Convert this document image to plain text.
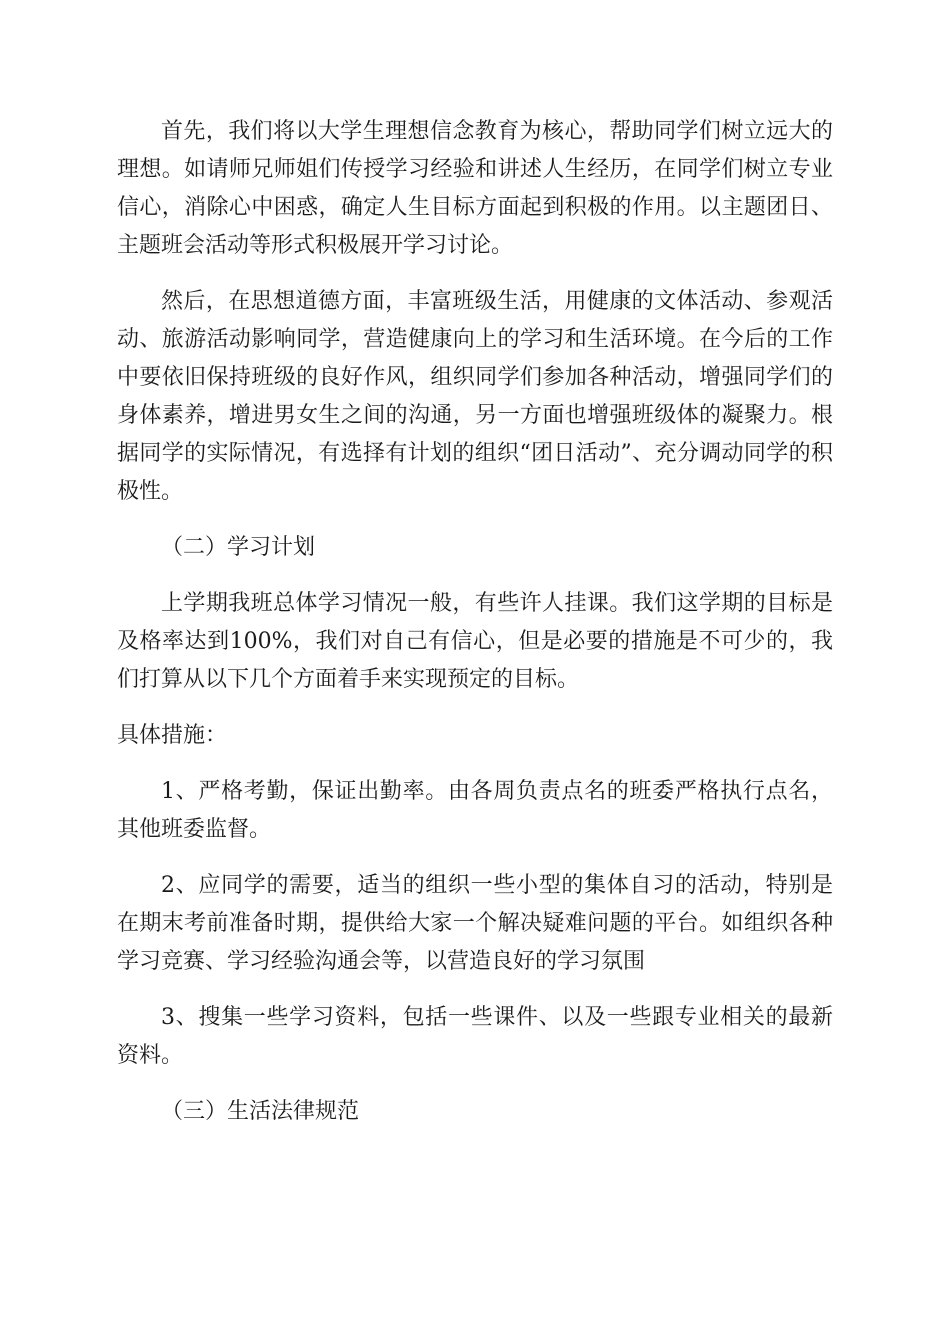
首先，我们将以大学生理想信念教育为核心，帮助同学们树立远大的理想。如请师兄师姐们传授学习经验和讲述人生经历，在同学们树立专业信心，消除心中困惑，确定人生目标方面起到积极的作用。以主题团日、主题班会活动等形式积极展开学习讨论。

然后，在思想道德方面，丰富班级生活，用健康的文体活动、参观活动、旅游活动影响同学，营造健康向上的学习和生活环境。在今后的工作中要依旧保持班级的良好作风，组织同学们参加各种活动，增强同学们的身体素养，增进男女生之间的沟通，另一方面也增强班级体的凝聚力。根据同学的实际情况，有选择有计划的组织“团日活动”、充分调动同学的积极性。

（二）学习计划

上学期我班总体学习情况一般，有些许人挂课。我们这学期的目标是及格率达到100%，我们对自己有信心，但是必要的措施是不可少的，我们打算从以下几个方面着手来实现预定的目标。

具体措施：

1、严格考勤，保证出勤率。由各周负责点名的班委严格执行点名，其他班委监督。

2、应同学的需要，适当的组织一些小型的集体自习的活动，特别是在期末考前准备时期，提供给大家一个解决疑难问题的平台。如组织各种学习竞赛、学习经验沟通会等，以营造良好的学习氛围

3、搜集一些学习资料，包括一些课件、以及一些跟专业相关的最新资料。

（三）生活法律规范
